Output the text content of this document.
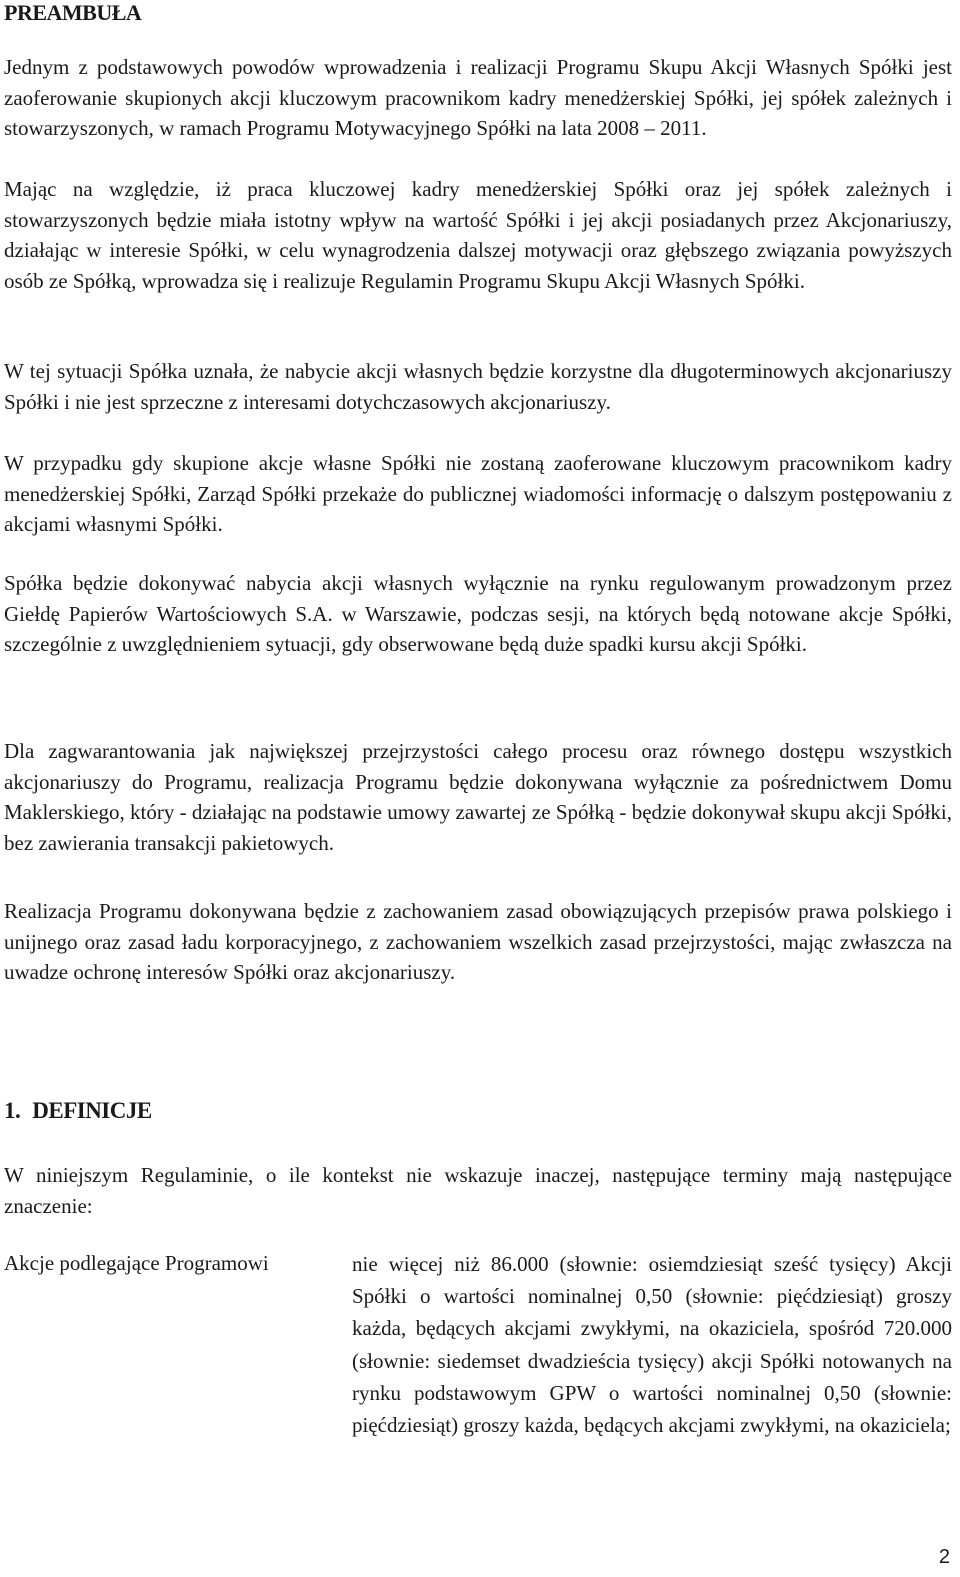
PREAMBUŁA

Jednym z podstawowych powodów wprowadzenia i realizacji Programu Skupu Akcji Własnych Spółki jest zaoferowanie skupionych akcji kluczowym pracownikom kadry menedżerskiej Spółki, jej spółek zależnych i stowarzyszonych, w ramach Programu Motywacyjnego Spółki na lata 2008 – 2011.

Mając na względzie, iż praca kluczowej kadry menedżerskiej Spółki oraz jej spółek zależnych i stowarzyszonych będzie miała istotny wpływ na wartość Spółki i jej akcji posiadanych przez Akcjonariuszy, działając w interesie Spółki, w celu wynagrodzenia dalszej motywacji oraz głębszego związania powyższych osób ze Spółką, wprowadza się i realizuje Regulamin Programu Skupu Akcji Własnych Spółki.

W tej sytuacji Spółka uznała, że nabycie akcji własnych będzie korzystne dla długoterminowych akcjonariuszy Spółki i nie jest sprzeczne z interesami dotychczasowych akcjonariuszy.

W przypadku gdy skupione akcje własne Spółki nie zostaną zaoferowane kluczowym pracownikom kadry menedżerskiej Spółki, Zarząd Spółki przekaże do publicznej wiadomości informację o dalszym postępowaniu z akcjami własnymi Spółki.

Spółka będzie dokonywać nabycia akcji własnych wyłącznie na rynku regulowanym prowadzonym przez Giełdę Papierów Wartościowych S.A. w Warszawie, podczas sesji, na których będą notowane akcje Spółki, szczególnie z uwzględnieniem sytuacji, gdy obserwowane będą duże spadki kursu akcji Spółki.

Dla zagwarantowania jak największej przejrzystości całego procesu oraz równego dostępu wszystkich akcjonariuszy do Programu, realizacja Programu będzie dokonywana wyłącznie za pośrednictwem Domu Maklerskiego, który - działając na podstawie umowy zawartej ze Spółką - będzie dokonywał skupu akcji Spółki, bez zawierania transakcji pakietowych.

Realizacja Programu dokonywana będzie z zachowaniem zasad obowiązujących przepisów prawa polskiego i unijnego oraz zasad ładu korporacyjnego, z zachowaniem wszelkich zasad przejrzystości, mając zwłaszcza na uwadze ochronę interesów Spółki oraz akcjonariuszy.

1. DEFINICJE

W niniejszym Regulaminie, o ile kontekst nie wskazuje inaczej, następujące terminy mają następujące znaczenie:

Akcje podlegające Programowi	nie więcej niż 86.000 (słownie: osiemdziesiąt sześć tysięcy) Akcji Spółki o wartości nominalnej 0,50 (słownie: pięćdziesiąt) groszy każda, będących akcjami zwykłymi, na okaziciela, spośród 720.000 (słownie: siedemset dwadzieścia tysięcy) akcji Spółki notowanych na rynku podstawowym GPW o wartości nominalnej 0,50 (słownie: pięćdziesiąt) groszy każda, będących akcjami zwykłymi, na okaziciela;

2
